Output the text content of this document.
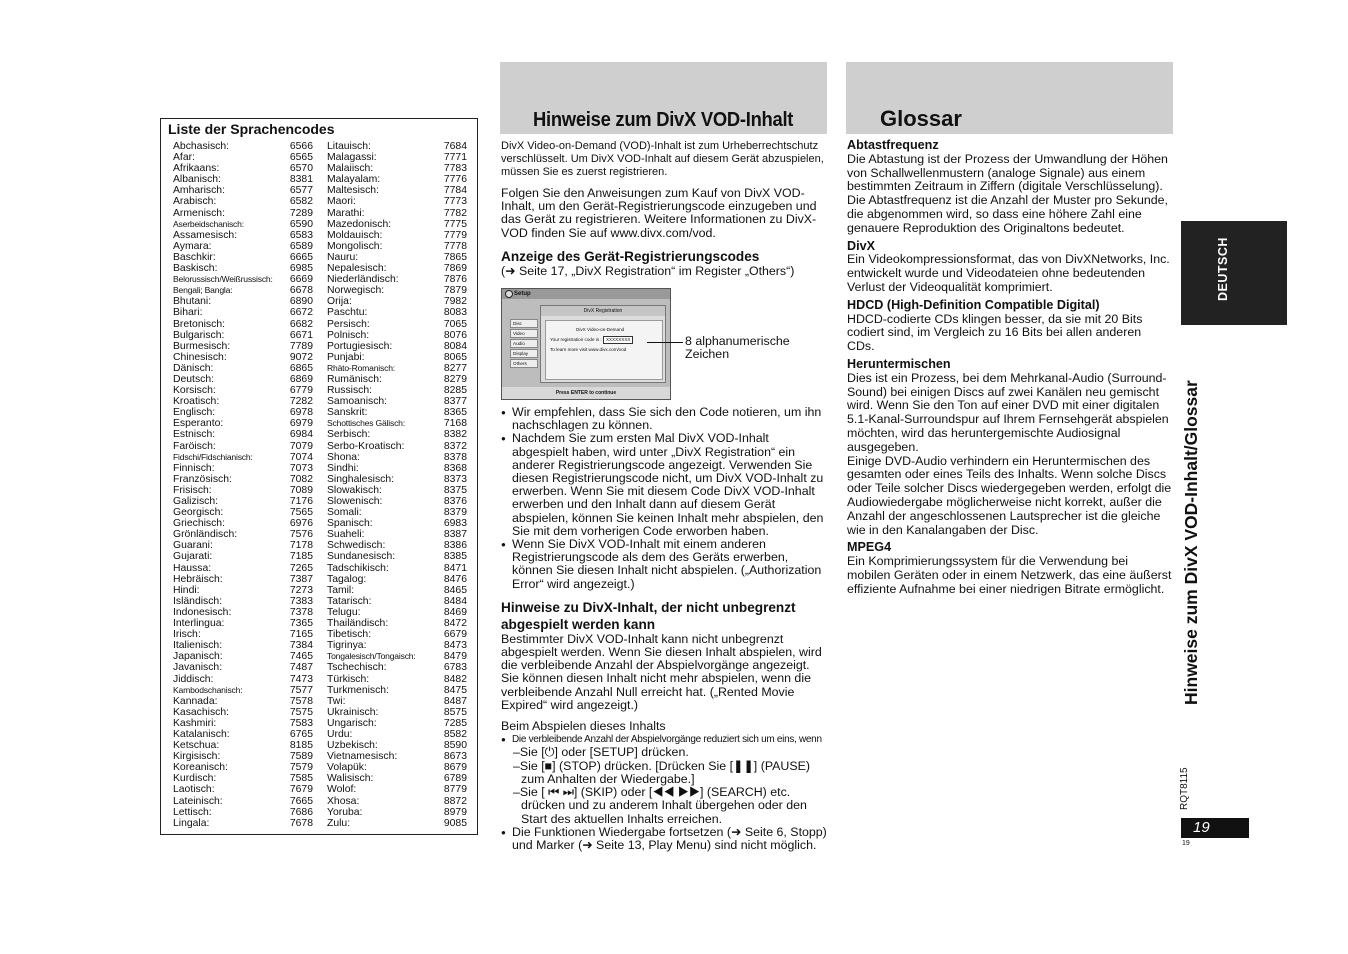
Liste der Sprachencodes
Abchasisch:	6566
Afar:	6565
Afrikaans:	6570
Albanisch:	8381
Amharisch:	6577
Arabisch:	6582
Armenisch:	7289
Aserbeidschanisch:	6590
Assamesisch:	6583
Aymara:	6589
Baschkir:	6665
Baskisch:	6985
Belorussisch/Weißrussisch: 6669
Bengali; Bangla:	6678
Bhutani:	6890
Bihari:	6672
Bretonisch:	6682
Bulgarisch:	6671
Burmesisch:	7789
Chinesisch:	9072
Dänisch:	6865
Deutsch:	6869
Korsisch:	6779
Kroatisch:	7282
Englisch:	6978
Esperanto:	6979
Estnisch:	6984
Faröisch:	7079
Fidschi/Fidschianisch:	7074
Finnisch:	7073
Französisch:	7082
Frisisch:	7089
Galizisch:	7176
Georgisch:	7565
Griechisch:	6976
Grönländisch:	7576
Guarani:	7178
Gujarati:	7185
Haussa:	7265
Hebräisch:	7387
Hindi:	7273
Isländisch:	7383
Indonesisch:	7378
Interlingua:	7365
Irisch:	7165
Italienisch:	7384
Japanisch:	7465
Javanisch:	7487
Jiddisch:	7473
Kambodschanisch:	7577
Kannada:	7578
Kasachisch:	7575
Kashmiri:	7583
Katalanisch:	6765
Ketschua:	8185
Kirgisisch:	7589
Koreanisch:	7579
Kurdisch:	7585
Laotisch:	7679
Lateinisch:	7665
Lettisch:	7686
Lingala:	7678
Litauisch:	7684
Malagassi:	7771
Malaiisch:	7783
Malayalam:	7776
Maltesisch:	7784
Maori:	7773
Marathi:	7782
Mazedonisch:	7775
Moldauisch:	7779
Mongolisch:	7778
Nauru:	7865
Nepalesisch:	7869
Niederländisch:	7876
Norwegisch:	7879
Orija:	7982
Paschtu:	8083
Persisch:	7065
Polnisch:	8076
Portugiesisch:	8084
Punjabi:	8065
Rhäto-Romanisch:	8277
Rumänisch:	8279
Russisch:	8285
Samoanisch:	8377
Sanskrit:	8365
Schottisches Gälisch:	7168
Serbisch:	8382
Serbo-Kroatisch:	8372
Shona:	8378
Sindhi:	8368
Singhalesisch:	8373
Slowakisch:	8375
Slowenisch:	8376
Somali:	8379
Spanisch:	6983
Suaheli:	8387
Schwedisch:	8386
Sundanesisch:	8385
Tadschikisch:	8471
Tagalog:	8476
Tamil:	8465
Tatarisch:	8484
Telugu:	8469
Thailändisch:	8472
Tibetisch:	6679
Tigrinya:	8473
Tongalesisch/Tongaisch:	8479
Tschechisch:	6783
Türkisch:	8482
Turkmenisch:	8475
Twi:	8487
Ukrainisch:	8575
Ungarisch:	7285
Urdu:	8582
Uzbekisch:	8590
Vietnamesisch:	8673
Volapük:	8679
Walisisch:	6789
Wolof:	8779
Xhosa:	8872
Yoruba:	8979
Zulu:	9085
Hinweise zum DivX VOD-Inhalt	Glossar

DivX Video-on-Demand (VOD)-Inhalt ist zum Urheberrechtschutz verschlüsselt. Um DivX VOD-Inhalt auf diesem Gerät abzuspielen, müssen Sie es zuerst registrieren.

Folgen Sie den Anweisungen zum Kauf von DivX VOD-Inhalt, um den Gerät-Registrierungscode einzugeben und das Gerät zu registrieren. Weitere Informationen zu DivX-VOD finden Sie auf www.divx.com/vod.

Anzeige des Gerät-Registrierungscodes

(➜ Seite 17, „DivX Registration“ im Register „Others“)

Setup
Disc
Video
Audio
Display
Others
DivX Registration
DivX Video-on-Demand
Your registration code is : XXXXXXXX
To learn more visit www.divx.com/vod
Press ENTER to continue
8 alphanumerische Zeichen

● Wir empfehlen, dass Sie sich den Code notieren, um ihn nachschlagen zu können.

● Nachdem Sie zum ersten Mal DivX VOD-Inhalt abgespielt haben, wird unter „DivX Registration“ ein anderer Registrierungscode angezeigt. Verwenden Sie diesen Registrierungscode nicht, um DivX VOD-Inhalt zu erwerben. Wenn Sie mit diesem Code DivX VOD-Inhalt erwerben und den Inhalt dann auf diesem Gerät abspielen, können Sie keinen Inhalt mehr abspielen, den Sie mit dem vorherigen Code erworben haben.

● Wenn Sie DivX VOD-Inhalt mit einem anderen Registrierungscode als dem des Geräts erwerben, können Sie diesen Inhalt nicht abspielen. („Authorization Error“ wird angezeigt.)

Hinweise zu DivX-Inhalt, der nicht unbegrenzt abgespielt werden kann

Bestimmter DivX VOD-Inhalt kann nicht unbegrenzt abgespielt werden. Wenn Sie diesen Inhalt abspielen, wird die verbleibende Anzahl der Abspielvorgänge angezeigt. Sie können diesen Inhalt nicht mehr abspielen, wenn die verbleibende Anzahl Null erreicht hat. („Rented Movie Expired“ wird angezeigt.)

Beim Abspielen dieses Inhalts

● Die verbleibende Anzahl der Abspielvorgänge reduziert sich um eins, wenn

–Sie [⏻] oder [SETUP] drücken.

–Sie [■] (STOP) drücken. [Drücken Sie [❚❚] (PAUSE)

zum Anhalten der Wiedergabe.]

–Sie [ ⏮ ⏭] (SKIP) oder [◀◀ ▶▶] (SEARCH) etc.

drücken und zu anderem Inhalt übergehen oder den Start des aktuellen Inhalts erreichen.

● Die Funktionen Wiedergabe fortsetzen (➜ Seite 6, Stopp) und Marker (➜ Seite 13, Play Menu) sind nicht möglich.

Abtastfrequenz
Die Abtastung ist der Prozess der Umwandlung der Höhen von Schallwellenmustern (analoge Signale) aus einem bestimmten Zeitraum in Ziffern (digitale Verschlüsselung). Die Abtastfrequenz ist die Anzahl der Muster pro Sekunde, die abgenommen wird, so dass eine höhere Zahl eine genauere Reproduktion des Originaltons bedeutet.
DivX
Ein Videokompressionsformat, das von DivXNetworks, Inc. entwickelt wurde und Videodateien ohne bedeutenden Verlust der Videoqualität komprimiert.
HDCD (High-Definition Compatible Digital)
HDCD-codierte CDs klingen besser, da sie mit 20 Bits codiert sind, im Vergleich zu 16 Bits bei allen anderen CDs.
Heruntermischen
Dies ist ein Prozess, bei dem Mehrkanal-Audio (Surround-Sound) bei einigen Discs auf zwei Kanälen neu gemischt wird. Wenn Sie den Ton auf einer DVD mit einer digitalen 5.1-Kanal-Surroundspur auf Ihrem Fernsehgerät abspielen möchten, wird das heruntergemischte Audiosignal ausgegeben.
Einige DVD-Audio verhindern ein Heruntermischen des gesamten oder eines Teils des Inhalts. Wenn solche Discs oder Teile solcher Discs wiedergegeben werden, erfolgt die Audiowiedergabe möglicherweise nicht korrekt, außer die Anzahl der angeschlossenen Lautsprecher ist die gleiche wie in den Kanalangaben der Disc.
MPEG4
Ein Komprimierungssystem für die Verwendung bei mobilen Geräten oder in einem Netzwerk, das eine äußerst effiziente Aufnahme bei einer niedrigen Bitrate ermöglicht.
DEUTSCH
Hinweise zum DivX VOD-Inhalt/Glossar
RQT8115
19
19
